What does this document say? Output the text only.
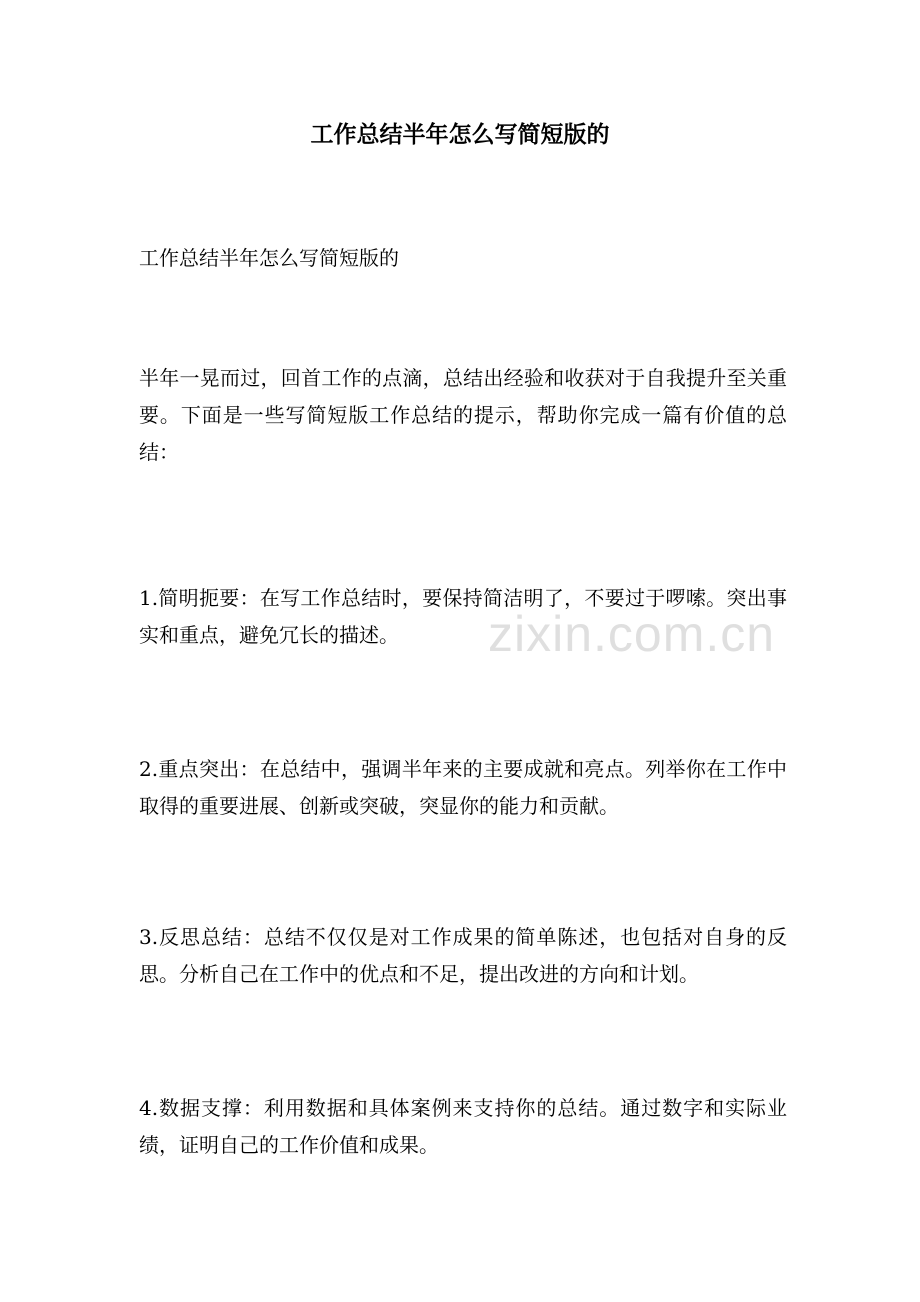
工作总结半年怎么写简短版的

工作总结半年怎么写简短版的

半年一晃而过，回首工作的点滴，总结出经验和收获对于自我提升至关重要。下面是一些写简短版工作总结的提示，帮助你完成一篇有价值的总结：

1.简明扼要：在写工作总结时，要保持简洁明了，不要过于啰嗦。突出事实和重点，避免冗长的描述。

2.重点突出：在总结中，强调半年来的主要成就和亮点。列举你在工作中取得的重要进展、创新或突破，突显你的能力和贡献。

3.反思总结：总结不仅仅是对工作成果的简单陈述，也包括对自身的反思。分析自己在工作中的优点和不足，提出改进的方向和计划。

4.数据支撑：利用数据和具体案例来支持你的总结。通过数字和实际业绩，证明自己的工作价值和成果。

zixin.com.cn
